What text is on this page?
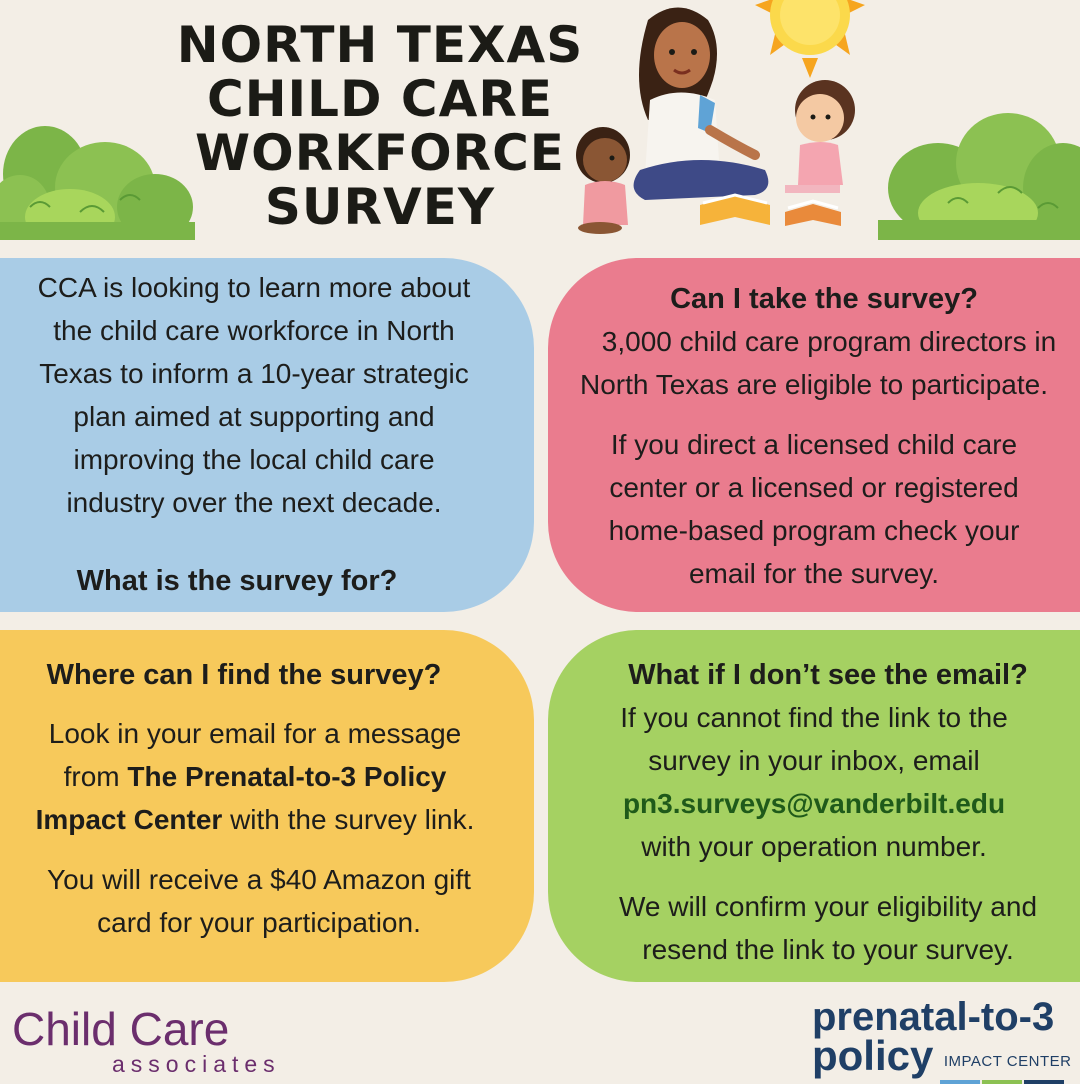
NORTH TEXAS
CHILD CARE
WORKFORCE
SURVEY
What is the survey for?

CCA is looking to learn more about

the child care workforce in North

Texas to inform a 10-year strategic

plan aimed at supporting and

improving the local child care

industry over the next decade.

Can I take the survey?

3,000 child care program directors in

North Texas are eligible to participate.

If you direct a licensed child care

center or a licensed or registered

home-based program check your

email for the survey.

Where can I find the survey?

Look in your email for a message

from The Prenatal-to-3 Policy

Impact Center with the survey link.

You will receive a $40 Amazon gift

card for your participation.

What if I don’t see the email?

If you cannot find the link to the

survey in your inbox, email

pn3.surveys@vanderbilt.edu

with your operation number.

We will confirm your eligibility and

resend the link to your survey.

Child Care
associates
prenatal-to-3
policy IMPACT CENTER
